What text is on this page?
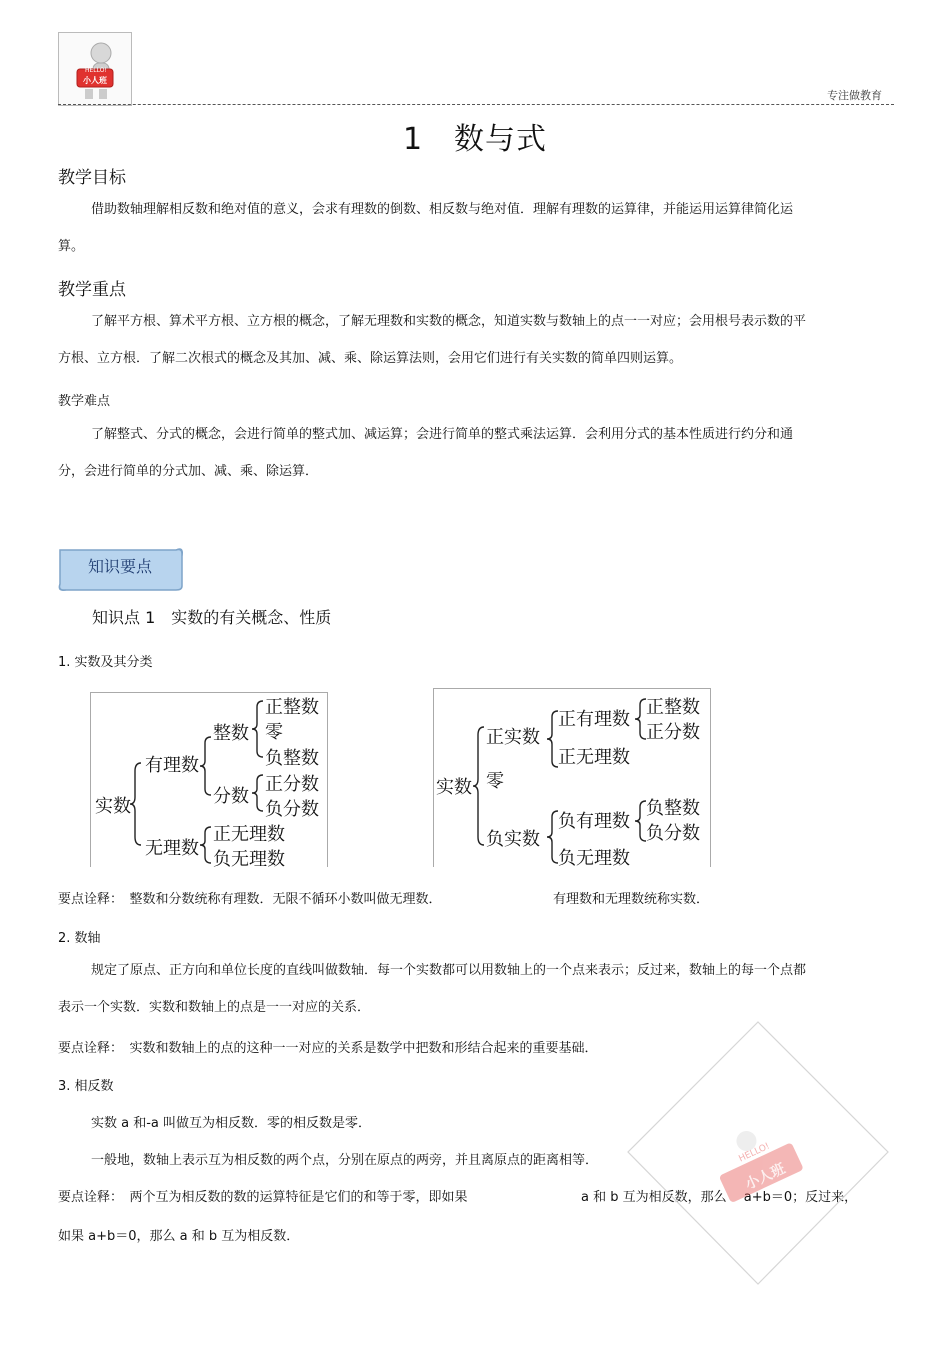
HELLO!
小人班
专注做教育
1　数与式
教学目标
借助数轴理解相反数和绝对值的意义，会求有理数的倒数、相反数与绝对值．理解有理数的运算律，并能运用运算律简化运算。
教学重点
了解平方根、算术平方根、立方根的概念，了解无理数和实数的概念，知道实数与数轴上的点一一对应；会用根号表示数的平方根、立方根．了解二次根式的概念及其加、减、乘、除运算法则，会用它们进行有关实数的简单四则运算。
教学难点
了解整式、分式的概念，会进行简单的整式加、减运算；会进行简单的整式乘法运算．会利用分式的基本性质进行约分和通分，会进行简单的分式加、减、乘、除运算．
知识要点
知识点 1　实数的有关概念、性质
1. 实数及其分类
实数
有理数
无理数
整数
分数
正整数
零
负整数
正分数
负分数
正无理数
负无理数
实数
正实数
零
负实数
正有理数
正无理数
正整数
正分数
负有理数
负无理数
负整数
负分数
要点诠释：　整数和分数统称有理数．无限不循环小数叫做无理数．	有理数和无理数统称实数．
2. 数轴
规定了原点、正方向和单位长度的直线叫做数轴．每一个实数都可以用数轴上的一个点来表示；反过来，数轴上的每一个点都表示一个实数．实数和数轴上的点是一一对应的关系．
要点诠释：　实数和数轴上的点的这种一一对应的关系是数学中把数和形结合起来的重要基础．
3. 相反数
实数 a 和-a 叫做互为相反数．零的相反数是零．
一般地，数轴上表示互为相反数的两个点，分别在原点的两旁，并且离原点的距离相等．
要点诠释：　两个互为相反数的数的运算特征是它们的和等于零，即如果	a 和 b 互为相反数，那么　 a+b＝0；反过来，
如果 a+b＝0，那么 a 和 b 互为相反数．
HELLO!
小人班
